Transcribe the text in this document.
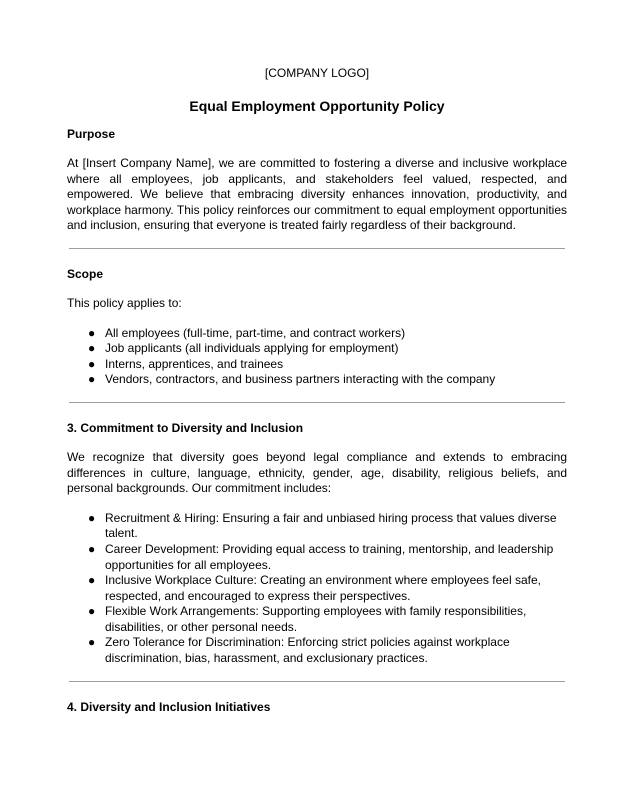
[COMPANY LOGO]
Equal Employment Opportunity Policy
Purpose

At [Insert Company Name], we are committed to fostering a diverse and inclusive workplace where all employees, job applicants, and stakeholders feel valued, respected, and empowered. We believe that embracing diversity enhances innovation, productivity, and workplace harmony. This policy reinforces our commitment to equal employment opportunities and inclusion, ensuring that everyone is treated fairly regardless of their background.

Scope

This policy applies to:

● All employees (full-time, part-time, and contract workers)
● Job applicants (all individuals applying for employment)
● Interns, apprentices, and trainees
● Vendors, contractors, and business partners interacting with the company
3. Commitment to Diversity and Inclusion

We recognize that diversity goes beyond legal compliance and extends to embracing differences in culture, language, ethnicity, gender, age, disability, religious beliefs, and personal backgrounds. Our commitment includes:

● Recruitment & Hiring: Ensuring a fair and unbiased hiring process that values diverse talent.
● Career Development: Providing equal access to training, mentorship, and leadership opportunities for all employees.
● Inclusive Workplace Culture: Creating an environment where employees feel safe, respected, and encouraged to express their perspectives.
● Flexible Work Arrangements: Supporting employees with family responsibilities, disabilities, or other personal needs.
● Zero Tolerance for Discrimination: Enforcing strict policies against workplace discrimination, bias, harassment, and exclusionary practices.
4. Diversity and Inclusion Initiatives
